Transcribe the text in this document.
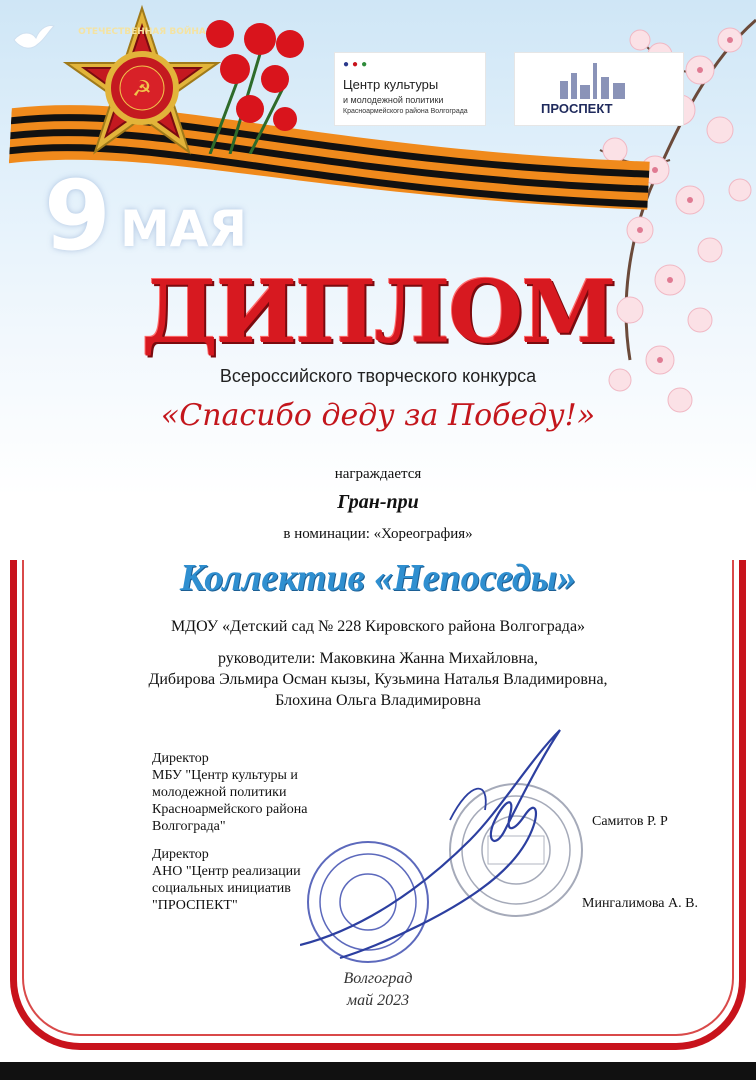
☭
ОТЕЧЕСТВЕННАЯ ВОЙНА
●●●
Центр культуры
и молодежной политики
Красноармейского района Волгограда	ПРОСПЕКТ
9 МАЯ
ДИПЛОМ
Всероссийского творческого конкурса
«Спасибо деду за Победу!»
награждается
Гран-при
в номинации: «Хореография»
Коллектив «Непоседы»
МДОУ «Детский сад № 228 Кировского района Волгограда»
руководители: Маковкина Жанна Михайловна,
Дибирова Эльмира Осман кызы, Кузьмина Наталья Владимировна,
Блохина Ольга Владимировна
Директор
МБУ "Центр культуры и
молодежной политики
Красноармейского района
Волгограда"	Самитов Р. Р
Директор
АНО "Центр реализации
социальных инициатив
"ПРОСПЕКТ"	Мингалимова А. В.
Волгоград
май 2023
